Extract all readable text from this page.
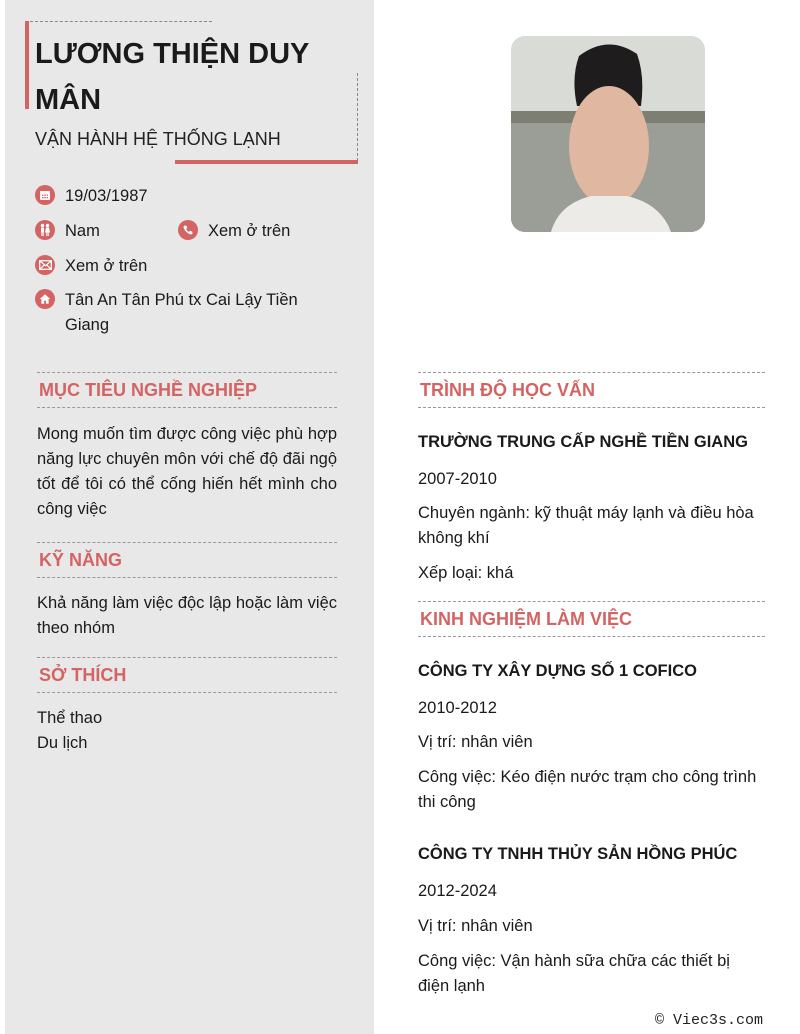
LƯƠNG THIỆN DUY MÂN
VẬN HÀNH HỆ THỐNG LẠNH
19/03/1987
Nam	Xem ở trên
Xem ở trên
Tân An Tân Phú tx Cai Lậy Tiền
Giang
MỤC TIÊU NGHỀ NGHIỆP
Mong muốn tìm được công việc phù hợp năng lực chuyên môn với chế độ đãi ngộ tốt để tôi có thể cống hiến hết mình cho công việc
KỸ NĂNG
Khả năng làm việc độc lập hoặc làm việc theo nhóm
SỞ THÍCH
Thể thao
Du lịch
TRÌNH ĐỘ HỌC VẤN
TRƯỜNG TRUNG CẤP NGHỀ TIỀN GIANG
2007-2010
Chuyên ngành: kỹ thuật máy lạnh và điều hòa không khí
Xếp loại: khá
KINH NGHIỆM LÀM VIỆC
CÔNG TY XÂY DỰNG SỐ 1 COFICO
2010-2012
Vị trí: nhân viên
Công việc: Kéo điện nước trạm cho công trình thi công
CÔNG TY TNHH THỦY SẢN HỒNG PHÚC
2012-2024
Vị trí: nhân viên
Công việc: Vận hành sữa chữa các thiết bị điện lạnh
© Viec3s.com
